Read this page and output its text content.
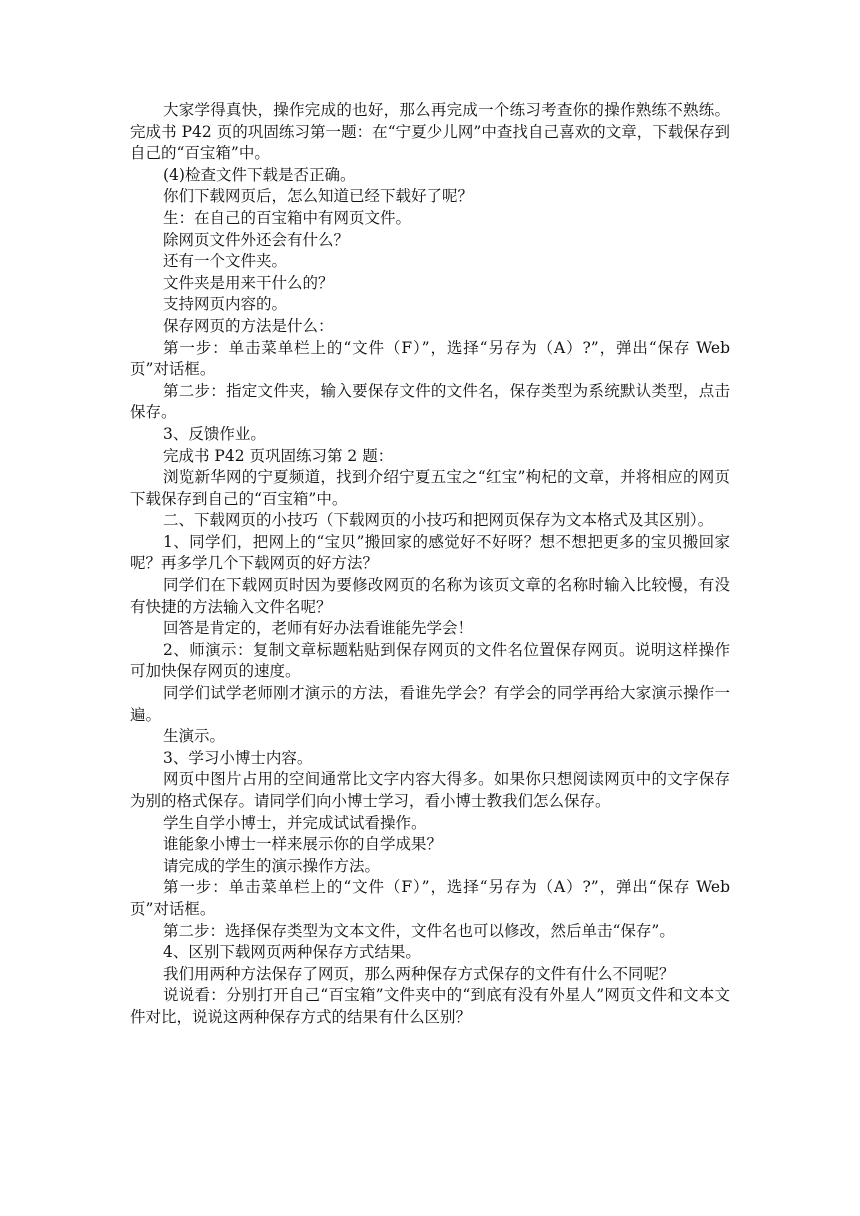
大家学得真快，操作完成的也好，那么再完成一个练习考查你的操作熟练不熟练。 完成书 P42 页的巩固练习第一题：在“宁夏少儿网”中查找自己喜欢的文章，下载保存到自己的“百宝箱”中。

(4)检查文件下载是否正确。

你们下载网页后，怎么知道已经下载好了呢？

生：在自己的百宝箱中有网页文件。

除网页文件外还会有什么？

还有一个文件夹。

文件夹是用来干什么的？

支持网页内容的。

保存网页的方法是什么：

第一步：单击菜单栏上的“文件（F）”，选择“另存为（A）?”，弹出“保存 Web 页”对话框。

第二步：指定文件夹，输入要保存文件的文件名，保存类型为系统默认类型，点击保存。

3、反馈作业。

完成书 P42 页巩固练习第 2 题：

浏览新华网的宁夏频道，找到介绍宁夏五宝之“红宝”枸杞的文章，并将相应的网页下载保存到自己的“百宝箱”中。

二、下载网页的小技巧（下载网页的小技巧和把网页保存为文本格式及其区别）。

1、同学们，把网上的“宝贝”搬回家的感觉好不好呀？想不想把更多的宝贝搬回家呢？再多学几个下载网页的好方法？

同学们在下载网页时因为要修改网页的名称为该页文章的名称时输入比较慢，有没有快捷的方法输入文件名呢？

回答是肯定的，老师有好办法看谁能先学会！

2、师演示：复制文章标题粘贴到保存网页的文件名位置保存网页。说明这样操作可加快保存网页的速度。

同学们试学老师刚才演示的方法，看谁先学会？有学会的同学再给大家演示操作一遍。

生演示。

3、学习小博士内容。

网页中图片占用的空间通常比文字内容大得多。如果你只想阅读网页中的文字保存为别的格式保存。请同学们向小博士学习，看小博士教我们怎么保存。

学生自学小博士，并完成试试看操作。

谁能象小博士一样来展示你的自学成果？

请完成的学生的演示操作方法。

第一步：单击菜单栏上的“文件（F）”，选择“另存为（A）?”，弹出“保存 Web 页”对话框。

第二步：选择保存类型为文本文件，文件名也可以修改，然后单击“保存”。

4、区别下载网页两种保存方式结果。

我们用两种方法保存了网页，那么两种保存方式保存的文件有什么不同呢？

说说看：分别打开自己“百宝箱”文件夹中的“到底有没有外星人”网页文件和文本文件对比，说说这两种保存方式的结果有什么区别？
